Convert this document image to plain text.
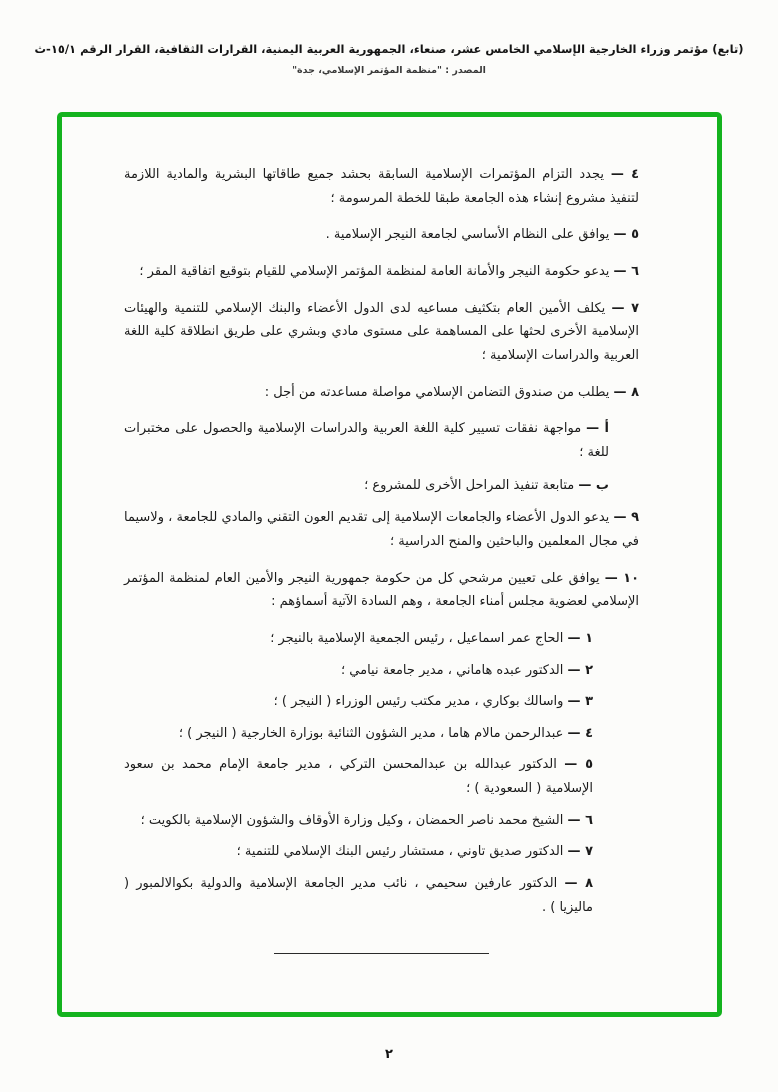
(تابع) مؤتمر وزراء الخارجية الإسلامي الخامس عشر، صنعاء، الجمهورية العربية اليمنية، القرارات الثقافية، القرار الرقم ١٥/١-ث
المصدر : "منظمة المؤتمر الإسلامي، جدة"

٤ — يجدد التزام المؤتمرات الإسلامية السابقة بحشد جميع طاقاتها البشرية والمادية اللازمة لتنفيذ مشروع إنشاء هذه الجامعة طبقا للخطة المرسومة ؛

٥ — يوافق على النظام الأساسي لجامعة النيجر الإسلامية .

٦ — يدعو حكومة النيجر والأمانة العامة لمنظمة المؤتمر الإسلامي للقيام بتوقيع اتفاقية المقر ؛

٧ — يكلف الأمين العام بتكثيف مساعيه لدى الدول الأعضاء والبنك الإسلامي للتنمية والهيئات الإسلامية الأخرى لحثها على المساهمة على مستوى مادي وبشري على طريق انطلاقة كلية اللغة العربية والدراسات الإسلامية ؛

٨ — يطلب من صندوق التضامن الإسلامي مواصلة مساعدته من أجل :

أ — مواجهة نفقات تسيير كلية اللغة العربية والدراسات الإسلامية والحصول على مختبرات للغة ؛

ب — متابعة تنفيذ المراحل الأخرى للمشروع ؛

٩ — يدعو الدول الأعضاء والجامعات الإسلامية إلى تقديم العون التقني والمادي للجامعة ، ولاسيما في مجال المعلمين والباحثين والمنح الدراسية ؛

١٠ — يوافق على تعيين مرشحي كل من حكومة جمهورية النيجر والأمين العام لمنظمة المؤتمر الإسلامي لعضوية مجلس أمناء الجامعة ، وهم السادة الآتية أسماؤهم :

١ — الحاج عمر اسماعيل ، رئيس الجمعية الإسلامية بالنيجر ؛

٢ — الدكتور عبده هاماني ، مدير جامعة نيامي ؛

٣ — واسالك بوكاري ، مدير مكتب رئيس الوزراء ( النيجر ) ؛

٤ — عبدالرحمن مالام هاما ، مدير الشؤون الثنائية بوزارة الخارجية ( النيجر ) ؛

٥ — الدكتور عبدالله بن عبدالمحسن التركي ، مدير جامعة الإمام محمد بن سعود الإسلامية ( السعودية ) ؛

٦ — الشيخ محمد ناصر الحمضان ، وكيل وزارة الأوقاف والشؤون الإسلامية بالكويت ؛

٧ — الدكتور صديق تاوني ، مستشار رئيس البنك الإسلامي للتنمية ؛

٨ — الدكتور عارفين سحيمي ، نائب مدير الجامعة الإسلامية والدولية بكوالالمبور ( ماليزيا ) .

٢
